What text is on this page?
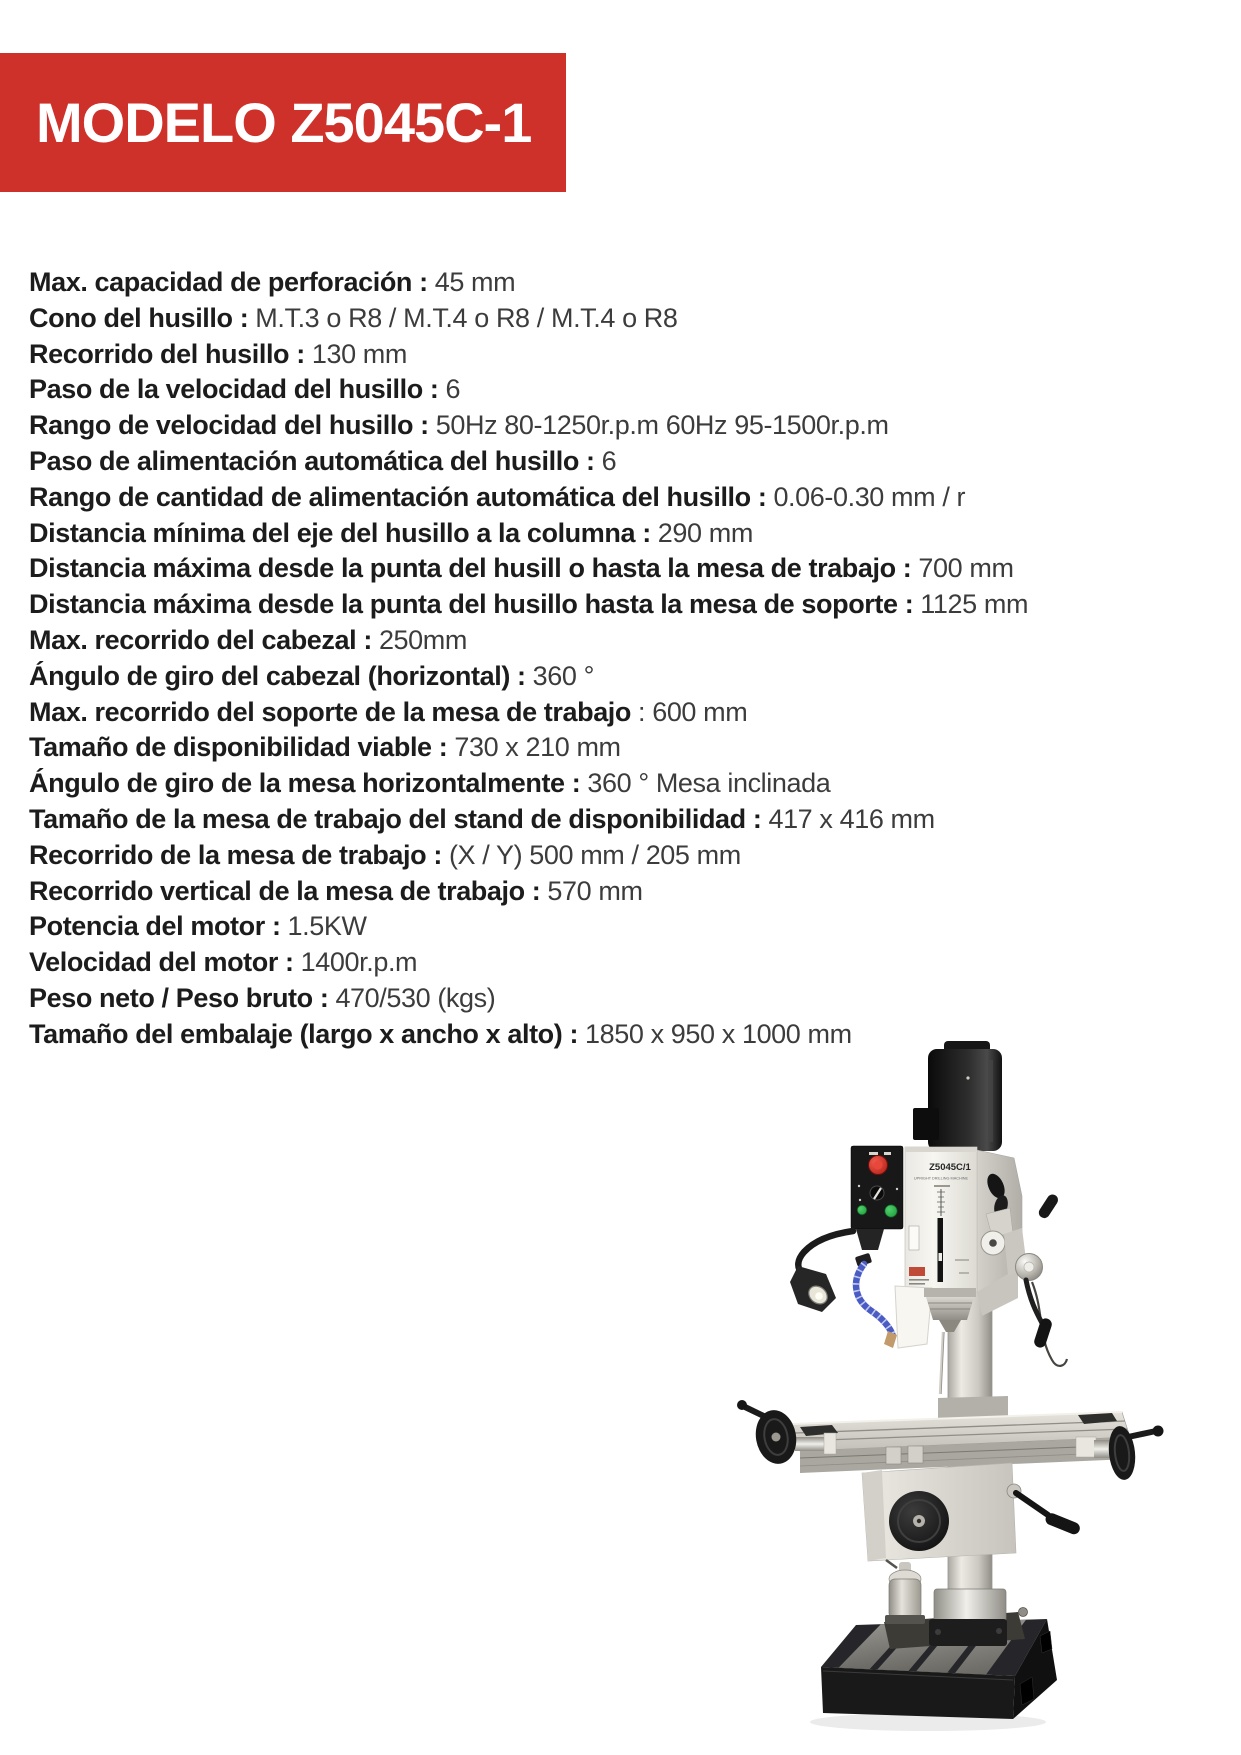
MODELO Z5045C-1
Max. capacidad de perforación : 45 mm
Cono del husillo : M.T.3 o R8 / M.T.4 o R8 / M.T.4 o R8
Recorrido del husillo : 130 mm
Paso de la velocidad del husillo : 6
Rango de velocidad del husillo : 50Hz 80-1250r.p.m 60Hz 95-1500r.p.m
Paso de alimentación automática del husillo : 6
Rango de cantidad de alimentación automática del husillo : 0.06-0.30 mm / r
Distancia mínima del eje del husillo a la columna : 290 mm
Distancia máxima desde la punta del husill o hasta la mesa de trabajo : 700 mm
Distancia máxima desde la punta del husillo hasta la mesa de soporte : 1125 mm
Max. recorrido del cabezal : 250mm
Ángulo de giro del cabezal (horizontal) : 360 °
Max. recorrido del soporte de la mesa de trabajo : 600 mm
Tamaño de disponibilidad viable : 730 x 210 mm
Ángulo de giro de la mesa horizontalmente : 360 ° Mesa inclinada
Tamaño de la mesa de trabajo del stand de disponibilidad : 417 x 416 mm
Recorrido de la mesa de trabajo : (X / Y) 500 mm / 205 mm
Recorrido vertical de la mesa de trabajo : 570 mm
Potencia del motor : 1.5KW
Velocidad del motor : 1400r.p.m
Peso neto / Peso bruto : 470/530 (kgs)
Tamaño del embalaje (largo x ancho x alto) : 1850 x 950 x 1000 mm
Z5045C/1
UPRIGHT DRILLING MACHINE
